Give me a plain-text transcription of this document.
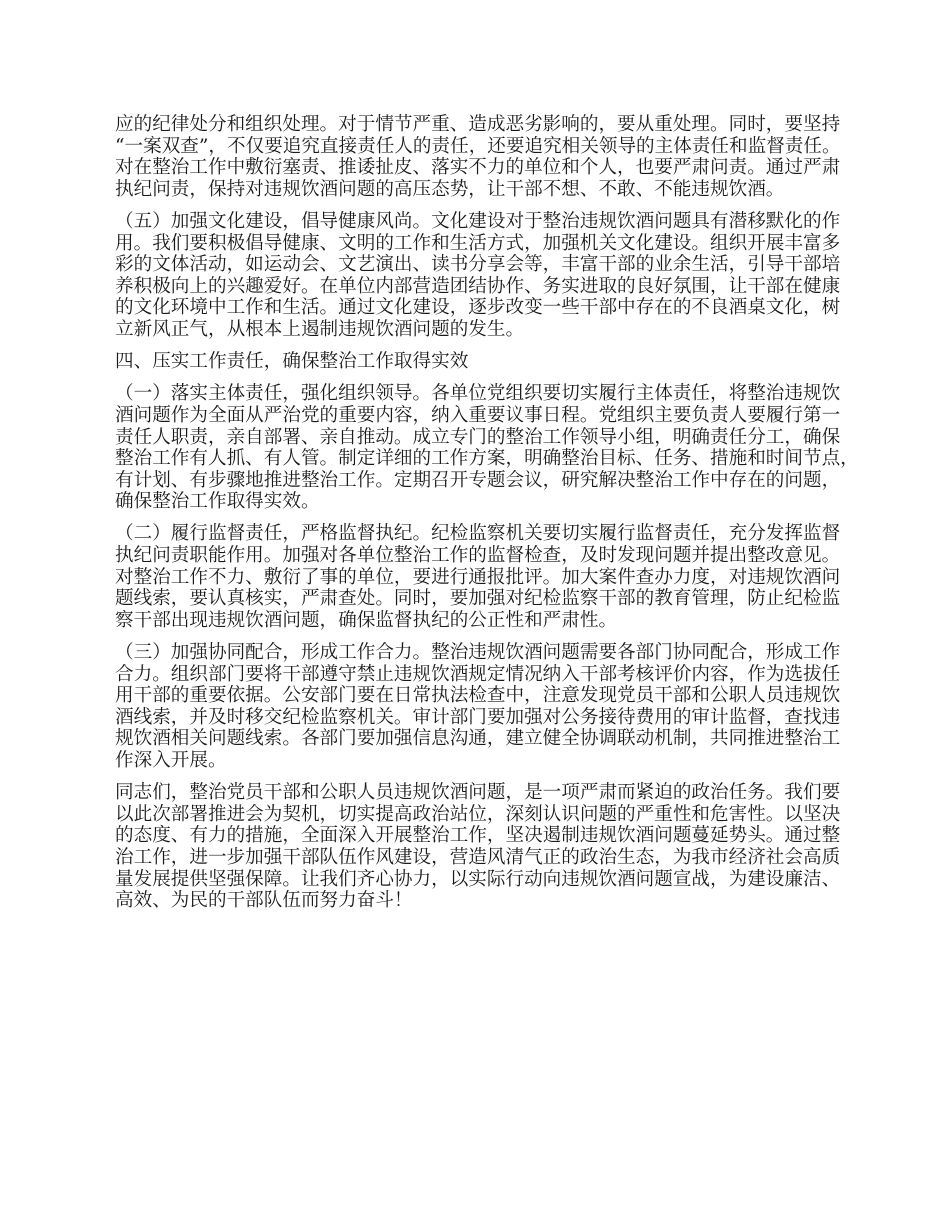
应的纪律处分和组织处理。对于情节严重、造成恶劣影响的，要从重处理。同时，要坚持
“一案双查”，不仅要追究直接责任人的责任，还要追究相关领导的主体责任和监督责任。
对在整治工作中敷衍塞责、推诿扯皮、落实不力的单位和个人，也要严肃问责。通过严肃
执纪问责，保持对违规饮酒问题的高压态势，让干部不想、不敢、不能违规饮酒。
（五）加强文化建设，倡导健康风尚。文化建设对于整治违规饮酒问题具有潜移默化的作
用。我们要积极倡导健康、文明的工作和生活方式，加强机关文化建设。组织开展丰富多
彩的文体活动，如运动会、文艺演出、读书分享会等，丰富干部的业余生活，引导干部培
养积极向上的兴趣爱好。在单位内部营造团结协作、务实进取的良好氛围，让干部在健康
的文化环境中工作和生活。通过文化建设，逐步改变一些干部中存在的不良酒桌文化，树
立新风正气，从根本上遏制违规饮酒问题的发生。
四、压实工作责任，确保整治工作取得实效
（一）落实主体责任，强化组织领导。各单位党组织要切实履行主体责任，将整治违规饮
酒问题作为全面从严治党的重要内容，纳入重要议事日程。党组织主要负责人要履行第一
责任人职责，亲自部署、亲自推动。成立专门的整治工作领导小组，明确责任分工，确保
整治工作有人抓、有人管。制定详细的工作方案，明确整治目标、任务、措施和时间节点，
有计划、有步骤地推进整治工作。定期召开专题会议，研究解决整治工作中存在的问题，
确保整治工作取得实效。
（二）履行监督责任，严格监督执纪。纪检监察机关要切实履行监督责任，充分发挥监督
执纪问责职能作用。加强对各单位整治工作的监督检查，及时发现问题并提出整改意见。
对整治工作不力、敷衍了事的单位，要进行通报批评。加大案件查办力度，对违规饮酒问
题线索，要认真核实，严肃查处。同时，要加强对纪检监察干部的教育管理，防止纪检监
察干部出现违规饮酒问题，确保监督执纪的公正性和严肃性。
（三）加强协同配合，形成工作合力。整治违规饮酒问题需要各部门协同配合，形成工作
合力。组织部门要将干部遵守禁止违规饮酒规定情况纳入干部考核评价内容，作为选拔任
用干部的重要依据。公安部门要在日常执法检查中，注意发现党员干部和公职人员违规饮
酒线索，并及时移交纪检监察机关。审计部门要加强对公务接待费用的审计监督，查找违
规饮酒相关问题线索。各部门要加强信息沟通，建立健全协调联动机制，共同推进整治工
作深入开展。
同志们，整治党员干部和公职人员违规饮酒问题，是一项严肃而紧迫的政治任务。我们要
以此次部署推进会为契机，切实提高政治站位，深刻认识问题的严重性和危害性。以坚决
的态度、有力的措施，全面深入开展整治工作，坚决遏制违规饮酒问题蔓延势头。通过整
治工作，进一步加强干部队伍作风建设，营造风清气正的政治生态，为我市经济社会高质
量发展提供坚强保障。让我们齐心协力，以实际行动向违规饮酒问题宣战，为建设廉洁、
高效、为民的干部队伍而努力奋斗！
